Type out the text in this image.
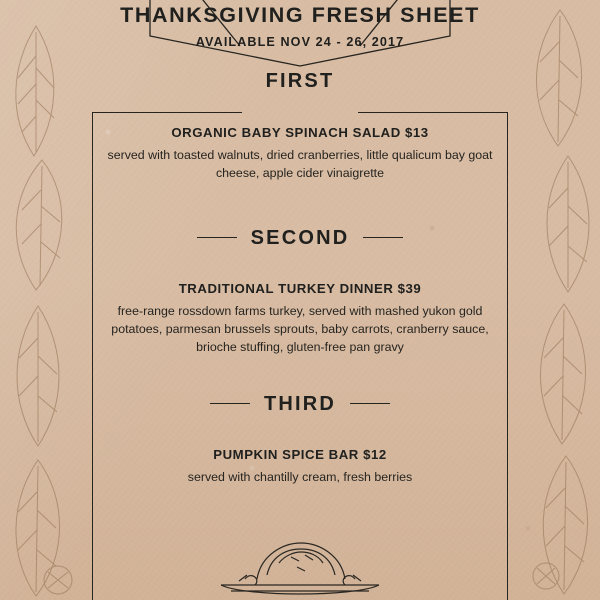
THANKSGIVING FRESH SHEET

AVAILABLE NOV 24 - 26, 2017

FIRST

ORGANIC BABY SPINACH SALAD $13

served with toasted walnuts, dried cranberries, little qualicum bay goat cheese, apple cider vinaigrette

SECOND

TRADITIONAL TURKEY DINNER $39

free-range rossdown farms turkey, served with mashed yukon gold potatoes, parmesan brussels sprouts, baby carrots, cranberry sauce, brioche stuffing, gluten-free pan gravy

THIRD

PUMPKIN SPICE BAR $12

served with chantilly cream, fresh berries
